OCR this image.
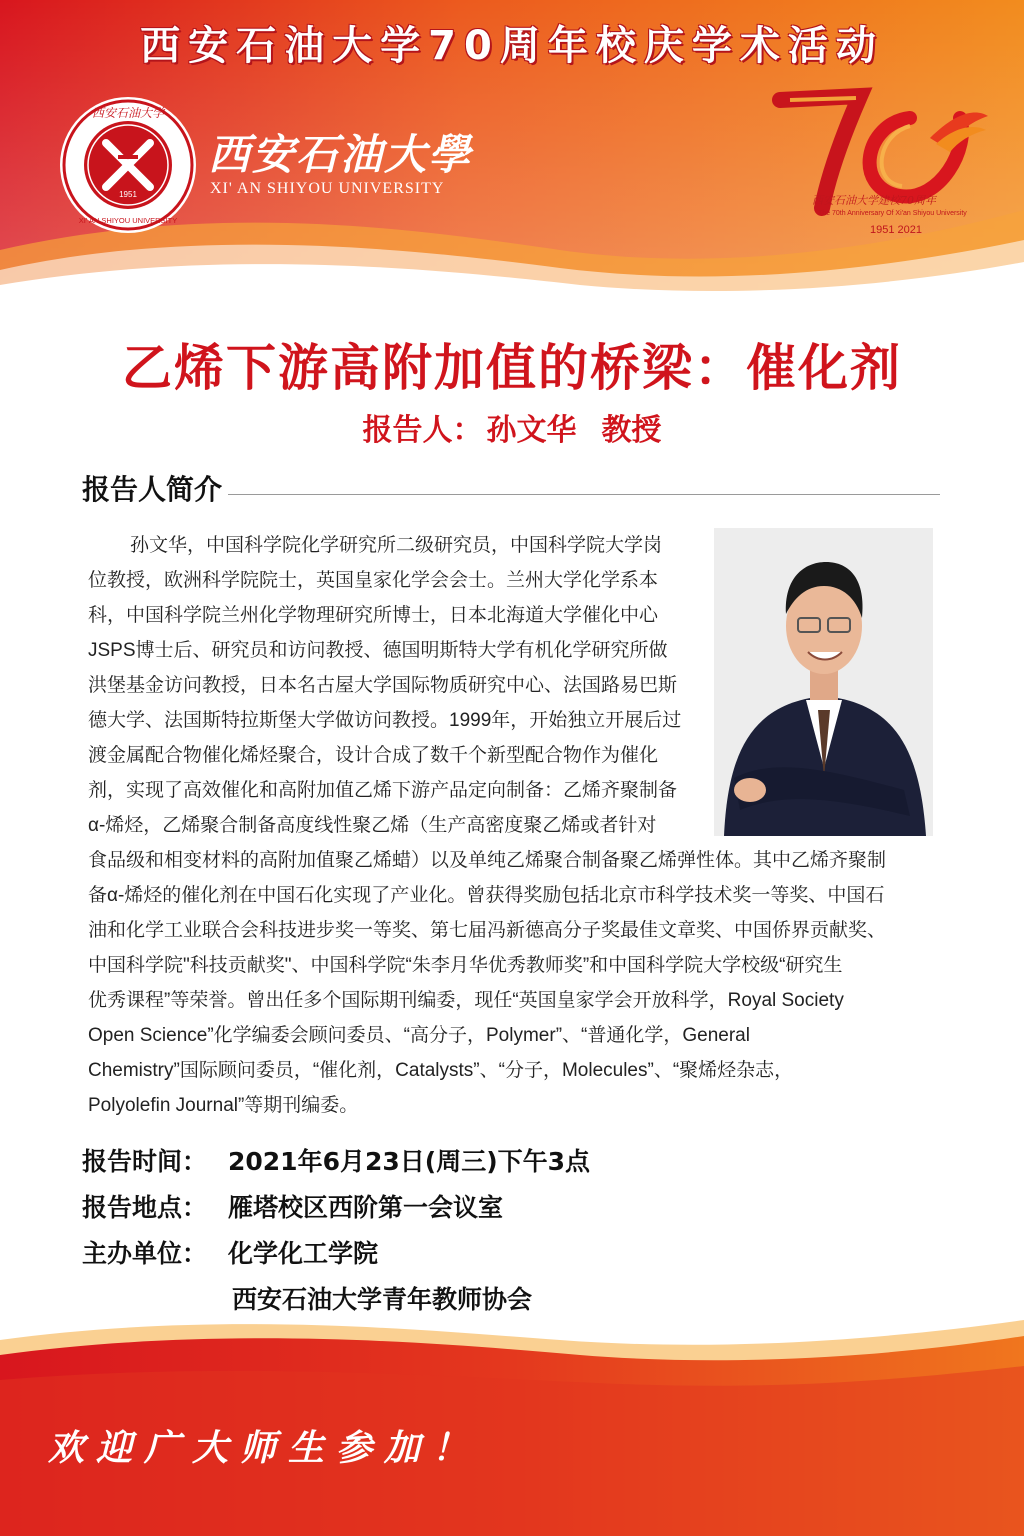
西安石油大学70周年校庆学术活动
1951
西安石油大学
XI' AN SHIYOU UNIVERSITY
西安石油大學
XI' AN SHIYOU UNIVERSITY
西安石油大学建校70周年
The 70th Anniversary Of Xi'an Shiyou University
1951 2021
乙烯下游高附加值的桥梁：催化剂
报告人： 孙文华 教授
报告人简介
孙文华，中国科学院化学研究所二级研究员，中国科学院大学岗
位教授，欧洲科学院院士，英国皇家化学会会士。兰州大学化学系本
科，中国科学院兰州化学物理研究所博士，日本北海道大学催化中心
JSPS博士后、研究员和访问教授、德国明斯特大学有机化学研究所做
洪堡基金访问教授，日本名古屋大学国际物质研究中心、法国路易巴斯
德大学、法国斯特拉斯堡大学做访问教授。1999年，开始独立开展后过
渡金属配合物催化烯烃聚合，设计合成了数千个新型配合物作为催化
剂，实现了高效催化和高附加值乙烯下游产品定向制备：乙烯齐聚制备
α-烯烃，乙烯聚合制备高度线性聚乙烯（生产高密度聚乙烯或者针对
食品级和相变材料的高附加值聚乙烯蜡）以及单纯乙烯聚合制备聚乙烯弹性体。其中乙烯齐聚制
备α-烯烃的催化剂在中国石化实现了产业化。曾获得奖励包括北京市科学技术奖一等奖、中国石
油和化学工业联合会科技进步奖一等奖、第七届冯新德高分子奖最佳文章奖、中国侨界贡献奖、
中国科学院"科技贡献奖"、中国科学院“朱李月华优秀教师奖”和中国科学院大学校级“研究生
优秀课程”等荣誉。曾出任多个国际期刊编委，现任“英国皇家学会开放科学，Royal Society
Open Science”化学编委会顾问委员、“高分子，Polymer”、“普通化学，General
Chemistry”国际顾问委员，“催化剂，Catalysts”、“分子，Molecules”、“聚烯烃杂志，
Polyolefin Journal”等期刊编委。
报告时间： 2021年6月23日(周三)下午3点
报告地点： 雁塔校区西阶第一会议室
主办单位： 化学化工学院
西安石油大学青年教师协会
欢迎广大师生参加！
